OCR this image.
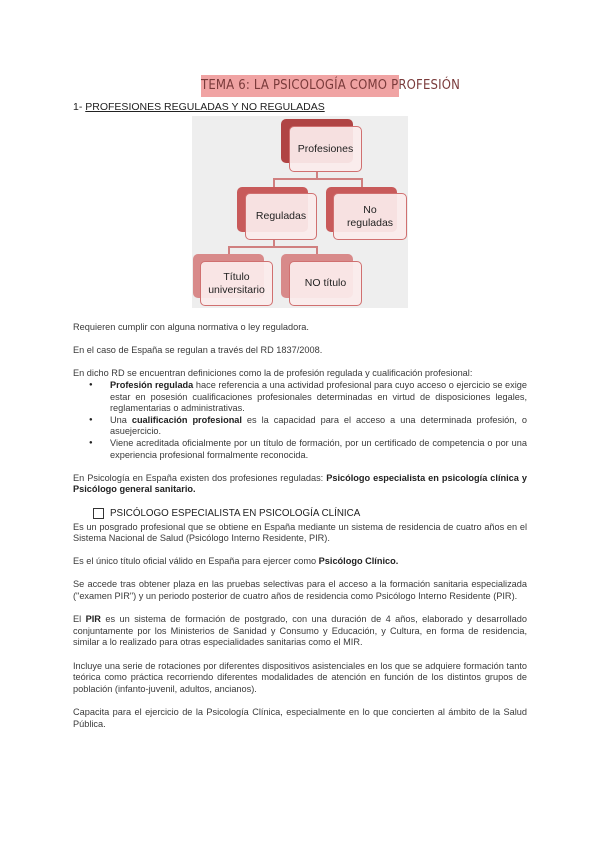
TEMA 6: LA PSICOLOGÍA COMO PROFESIÓN
1- PROFESIONES REGULADAS Y NO REGULADAS
Profesiones
Reguladas
No reguladas
Título universitario
NO título
Requieren cumplir con alguna normativa o ley reguladora.
En el caso de España se regulan a través del RD 1837/2008.
En dicho RD se encuentran definiciones como la de profesión regulada y cualificación profesional:
● Profesión regulada hace referencia a una actividad profesional para cuyo acceso o ejercicio se exige estar en posesión cualificaciones profesionales determinadas en virtud de disposiciones legales, reglamentarias o administrativas.
● Una cualificación profesional es la capacidad para el acceso a una determinada profesión, o asuejercicio.
● Viene acreditada oficialmente por un título de formación, por un certificado de competencia o por una experiencia profesional formalmente reconocida.
En Psicología en España existen dos profesiones reguladas: Psicólogo especialista en psicología clínica y Psicólogo general sanitario.
PSICÓLOGO ESPECIALISTA EN PSICOLOGÍA CLÍNICA
Es un posgrado profesional que se obtiene en España mediante un sistema de residencia de cuatro años en el Sistema Nacional de Salud (Psicólogo Interno Residente, PIR).
Es el único título oficial válido en España para ejercer como Psicólogo Clínico.
Se accede tras obtener plaza en las pruebas selectivas para el acceso a la formación sanitaria especializada ("examen PIR") y un periodo posterior de cuatro años de residencia como Psicólogo Interno Residente (PIR).
El PIR es un sistema de formación de postgrado, con una duración de 4 años, elaborado y desarrollado conjuntamente por los Ministerios de Sanidad y Consumo y Educación, y Cultura, en forma de residencia, similar a lo realizado para otras especialidades sanitarias como el MIR.
Incluye una serie de rotaciones por diferentes dispositivos asistenciales en los que se adquiere formación tanto teórica como práctica recorriendo diferentes modalidades de atención en función de los distintos grupos de población (infanto-juvenil, adultos, ancianos).
Capacita para el ejercicio de la Psicología Clínica, especialmente en lo que concierten al ámbito de la Salud Pública.
